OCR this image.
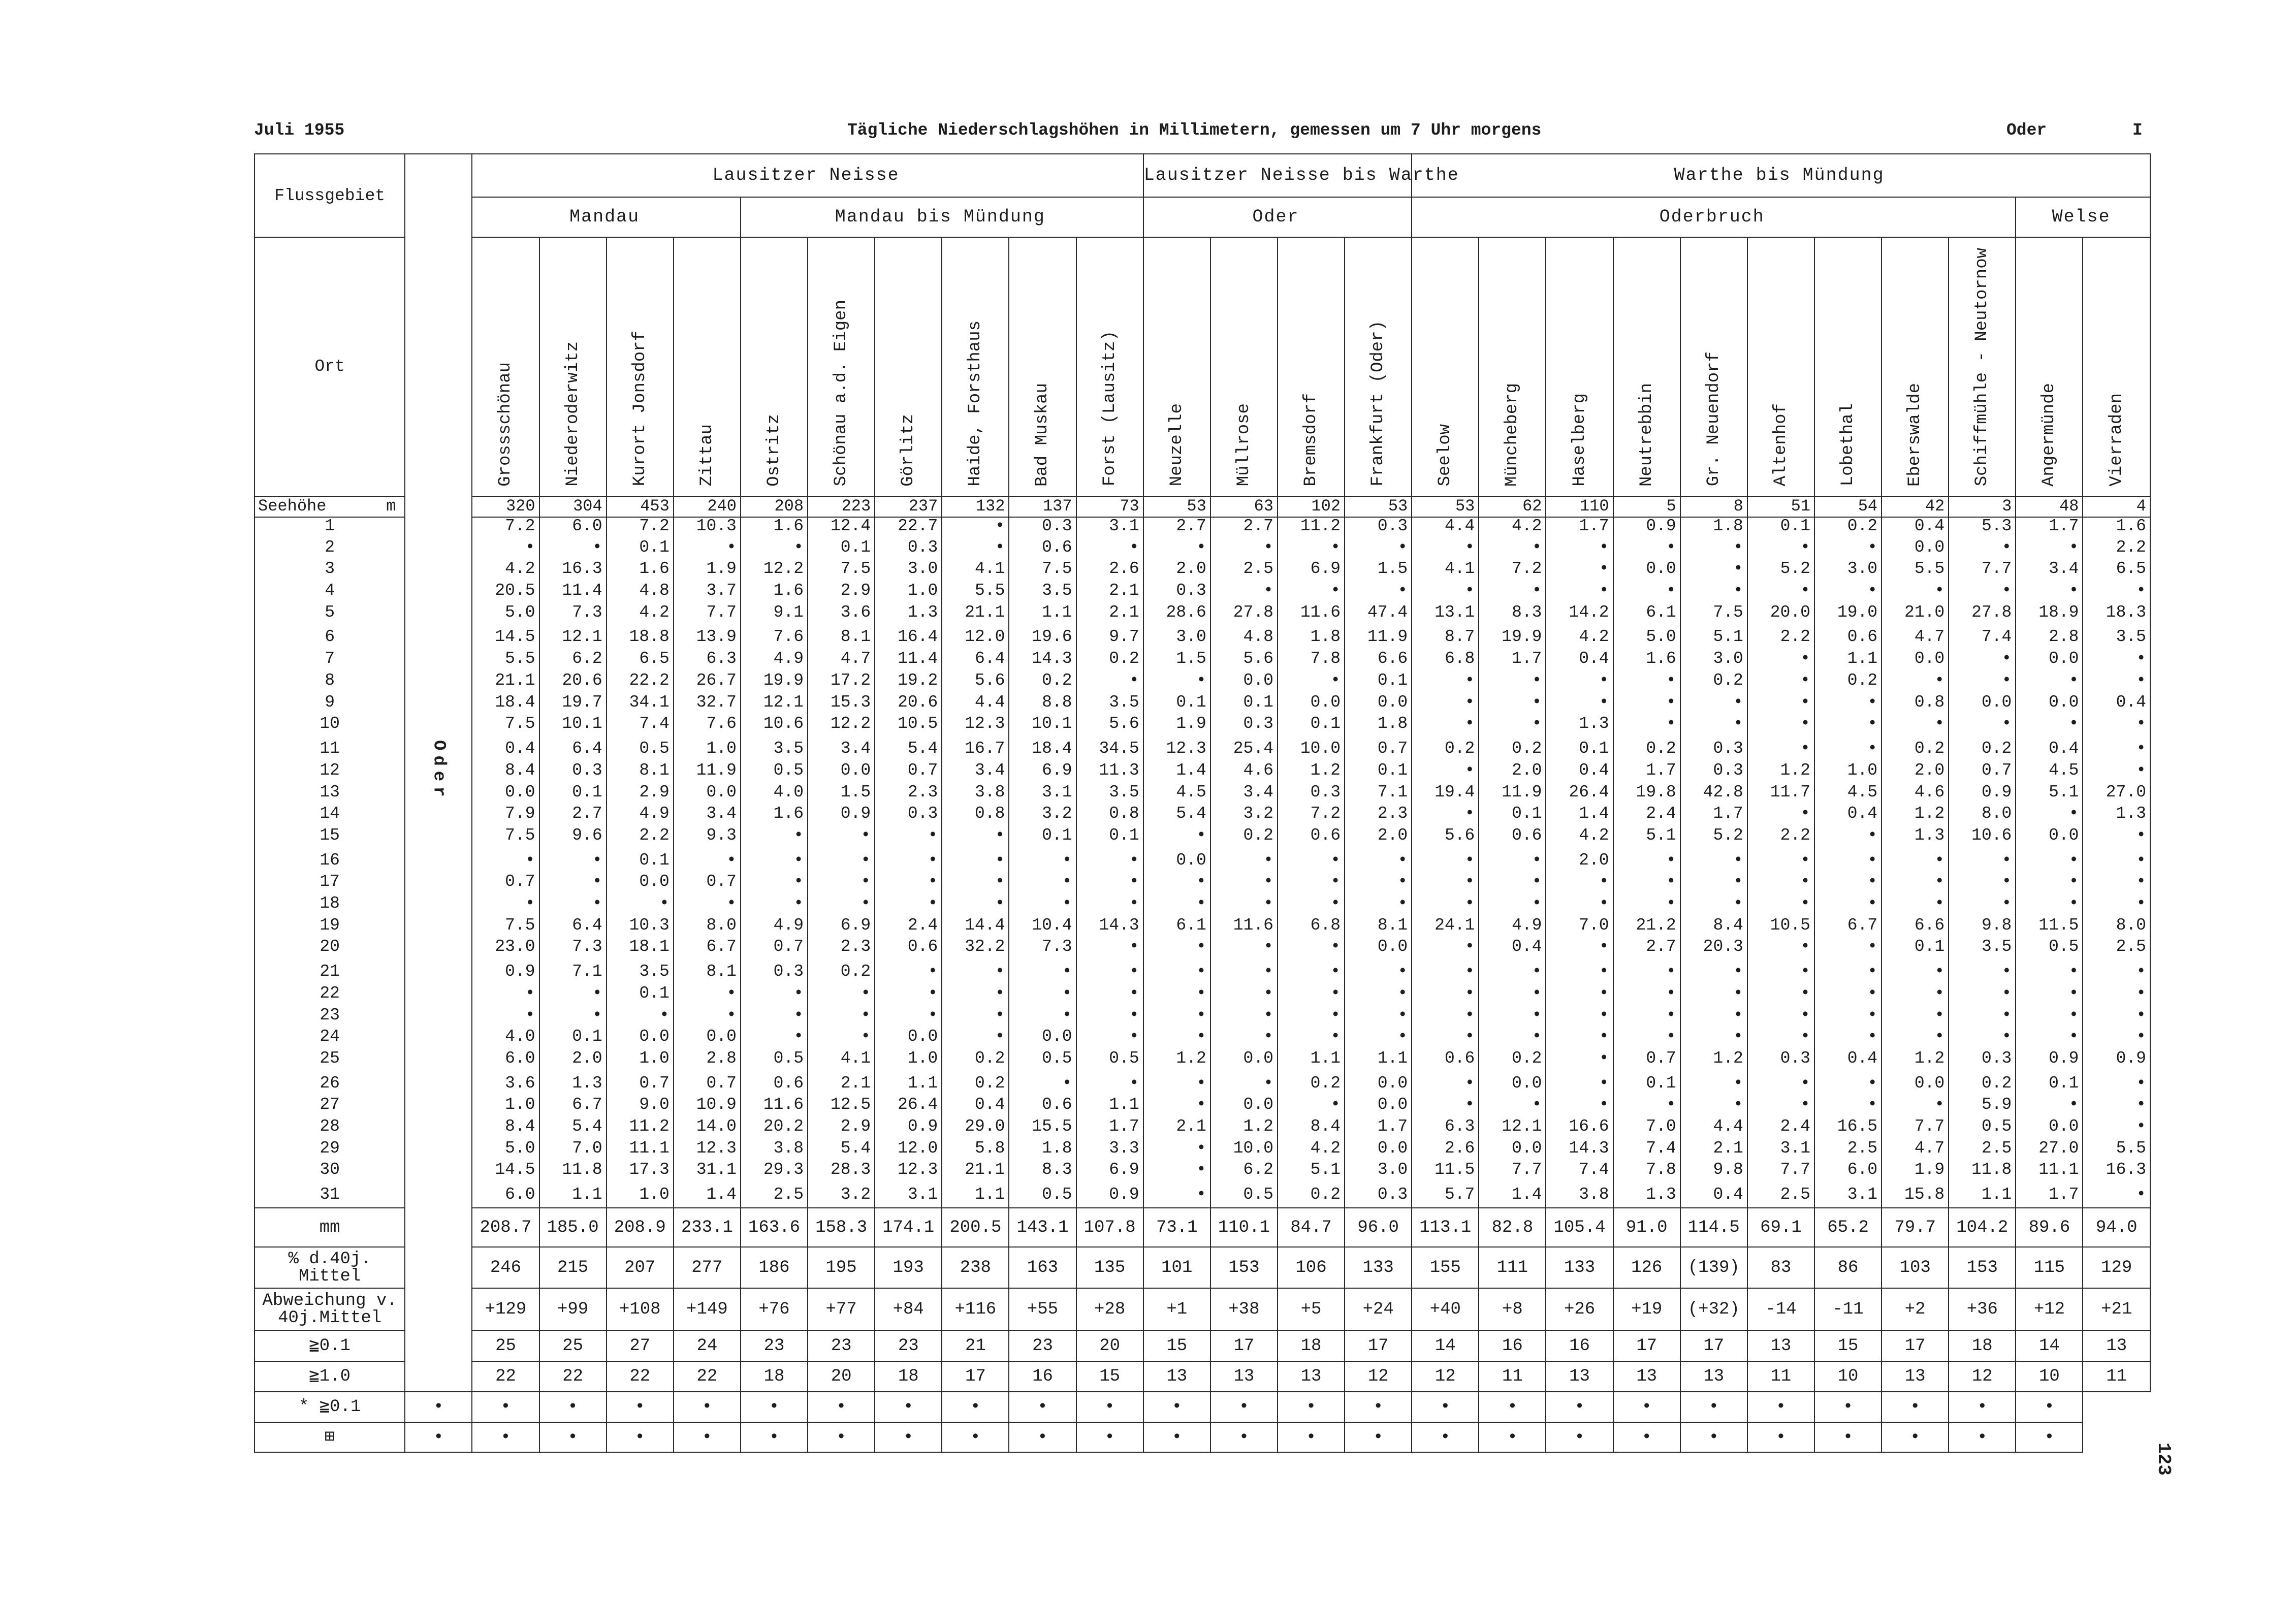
Juli 1955	Tägliche Niederschlagshöhen in Millimetern, gemessen um 7 Uhr morgens	Oder	I
123
Flussgebiet	Oder	Lausitzer Neisse										Lausitzer Neisse bis Warthe				Warthe bis Mündung										
		Mandau				Mandau bis Mündung						Oder				Oderbruch									Welse	
Ort		Grossschönau	Niederoderwitz	Kurort Jonsdorf	Zittau	Ostritz	Schönau a.d. Eigen	Görlitz	Haide, Forsthaus	Bad Muskau	Forst (Lausitz)	Neuzelle	Müllrose	Bremsdorf	Frankfurt (Oder)	Seelow	Müncheberg	Haselberg	Neutrebbin	Gr. Neuendorf	Altenhof	Lobethal	Eberswalde	Schiffmühle - Neutornow	Angermünde	Vierraden
Seehöhe m		320	304	453	240	208	223	237	132	137	73	53	63	102	53	53	62	110	5	8	51	54	42	3	48	4
1		7.2	6.0	7.2	10.3	1.6	12.4	22.7	•	0.3	3.1	2.7	2.7	11.2	0.3	4.4	4.2	1.7	0.9	1.8	0.1	0.2	0.4	5.3	1.7	1.6
2		•	•	0.1	•	•	0.1	0.3	•	0.6	•	•	•	•	•	•	•	•	•	•	•	•	0.0	•	•	2.2
3		4.2	16.3	1.6	1.9	12.2	7.5	3.0	4.1	7.5	2.6	2.0	2.5	6.9	1.5	4.1	7.2	•	0.0	•	5.2	3.0	5.5	7.7	3.4	6.5
4		20.5	11.4	4.8	3.7	1.6	2.9	1.0	5.5	3.5	2.1	0.3	•	•	•	•	•	•	•	•	•	•	•	•	•	•
5		5.0	7.3	4.2	7.7	9.1	3.6	1.3	21.1	1.1	2.1	28.6	27.8	11.6	47.4	13.1	8.3	14.2	6.1	7.5	20.0	19.0	21.0	27.8	18.9	18.3
6		14.5	12.1	18.8	13.9	7.6	8.1	16.4	12.0	19.6	9.7	3.0	4.8	1.8	11.9	8.7	19.9	4.2	5.0	5.1	2.2	0.6	4.7	7.4	2.8	3.5
7		5.5	6.2	6.5	6.3	4.9	4.7	11.4	6.4	14.3	0.2	1.5	5.6	7.8	6.6	6.8	1.7	0.4	1.6	3.0	•	1.1	0.0	•	0.0	•
8		21.1	20.6	22.2	26.7	19.9	17.2	19.2	5.6	0.2	•	•	0.0	•	0.1	•	•	•	•	0.2	•	0.2	•	•	•	•
9		18.4	19.7	34.1	32.7	12.1	15.3	20.6	4.4	8.8	3.5	0.1	0.1	0.0	0.0	•	•	•	•	•	•	•	0.8	0.0	0.0	0.4
10		7.5	10.1	7.4	7.6	10.6	12.2	10.5	12.3	10.1	5.6	1.9	0.3	0.1	1.8	•	•	1.3	•	•	•	•	•	•	•	•
11		0.4	6.4	0.5	1.0	3.5	3.4	5.4	16.7	18.4	34.5	12.3	25.4	10.0	0.7	0.2	0.2	0.1	0.2	0.3	•	•	0.2	0.2	0.4	•
12		8.4	0.3	8.1	11.9	0.5	0.0	0.7	3.4	6.9	11.3	1.4	4.6	1.2	0.1	•	2.0	0.4	1.7	0.3	1.2	1.0	2.0	0.7	4.5	•
13		0.0	0.1	2.9	0.0	4.0	1.5	2.3	3.8	3.1	3.5	4.5	3.4	0.3	7.1	19.4	11.9	26.4	19.8	42.8	11.7	4.5	4.6	0.9	5.1	27.0
14		7.9	2.7	4.9	3.4	1.6	0.9	0.3	0.8	3.2	0.8	5.4	3.2	7.2	2.3	•	0.1	1.4	2.4	1.7	•	0.4	1.2	8.0	•	1.3
15		7.5	9.6	2.2	9.3	•	•	•	•	0.1	0.1	•	0.2	0.6	2.0	5.6	0.6	4.2	5.1	5.2	2.2	•	1.3	10.6	0.0	•
16		•	•	0.1	•	•	•	•	•	•	•	0.0	•	•	•	•	•	2.0	•	•	•	•	•	•	•	•
17		0.7	•	0.0	0.7	•	•	•	•	•	•	•	•	•	•	•	•	•	•	•	•	•	•	•	•	•
18		•	•	•	•	•	•	•	•	•	•	•	•	•	•	•	•	•	•	•	•	•	•	•	•	•
19		7.5	6.4	10.3	8.0	4.9	6.9	2.4	14.4	10.4	14.3	6.1	11.6	6.8	8.1	24.1	4.9	7.0	21.2	8.4	10.5	6.7	6.6	9.8	11.5	8.0
20		23.0	7.3	18.1	6.7	0.7	2.3	0.6	32.2	7.3	•	•	•	•	0.0	•	0.4	•	2.7	20.3	•	•	0.1	3.5	0.5	2.5
21		0.9	7.1	3.5	8.1	0.3	0.2	•	•	•	•	•	•	•	•	•	•	•	•	•	•	•	•	•	•	•
22		•	•	0.1	•	•	•	•	•	•	•	•	•	•	•	•	•	•	•	•	•	•	•	•	•	•
23		•	•	•	•	•	•	•	•	•	•	•	•	•	•	•	•	•	•	•	•	•	•	•	•	•
24		4.0	0.1	0.0	0.0	•	•	0.0	•	0.0	•	•	•	•	•	•	•	•	•	•	•	•	•	•	•	•
25		6.0	2.0	1.0	2.8	0.5	4.1	1.0	0.2	0.5	0.5	1.2	0.0	1.1	1.1	0.6	0.2	•	0.7	1.2	0.3	0.4	1.2	0.3	0.9	0.9
26		3.6	1.3	0.7	0.7	0.6	2.1	1.1	0.2	•	•	•	•	0.2	0.0	•	0.0	•	0.1	•	•	•	0.0	0.2	0.1	•
27		1.0	6.7	9.0	10.9	11.6	12.5	26.4	0.4	0.6	1.1	•	0.0	•	0.0	•	•	•	•	•	•	•	•	5.9	•	•
28		8.4	5.4	11.2	14.0	20.2	2.9	0.9	29.0	15.5	1.7	2.1	1.2	8.4	1.7	6.3	12.1	16.6	7.0	4.4	2.4	16.5	7.7	0.5	0.0	•
29		5.0	7.0	11.1	12.3	3.8	5.4	12.0	5.8	1.8	3.3	•	10.0	4.2	0.0	2.6	0.0	14.3	7.4	2.1	3.1	2.5	4.7	2.5	27.0	5.5
30		14.5	11.8	17.3	31.1	29.3	28.3	12.3	21.1	8.3	6.9	•	6.2	5.1	3.0	11.5	7.7	7.4	7.8	9.8	7.7	6.0	1.9	11.8	11.1	16.3
31		6.0	1.1	1.0	1.4	2.5	3.2	3.1	1.1	0.5	0.9	•	0.5	0.2	0.3	5.7	1.4	3.8	1.3	0.4	2.5	3.1	15.8	1.1	1.7	•
mm		208.7	185.0	208.9	233.1	163.6	158.3	174.1	200.5	143.1	107.8	73.1	110.1	84.7	96.0	113.1	82.8	105.4	91.0	114.5	69.1	65.2	79.7	104.2	89.6	94.0
% d.40j. Mittel		246	215	207	277	186	195	193	238	163	135	101	153	106	133	155	111	133	126	(139)	83	86	103	153	115	129
Abweichung v. 40j.Mittel		+129	+99	+108	+149	+76	+77	+84	+116	+55	+28	+1	+38	+5	+24	+40	+8	+26	+19	(+32)	-14	-11	+2	+36	+12	+21
≧0.1		25	25	27	24	23	23	23	21	23	20	15	17	18	17	14	16	16	17	17	13	15	17	18	14	13
≧1.0		22	22	22	22	18	20	18	17	16	15	13	13	13	12	12	11	13	13	13	11	10	13	12	10	11
* ≧0.1	•	•	•	•	•	•	•	•	•	•	•	•	•	•	•	•	•	•	•	•	•	•	•	•	•	
⊞	•	•	•	•	•	•	•	•	•	•	•	•	•	•	•	•	•	•	•	•	•	•	•	•	•	
